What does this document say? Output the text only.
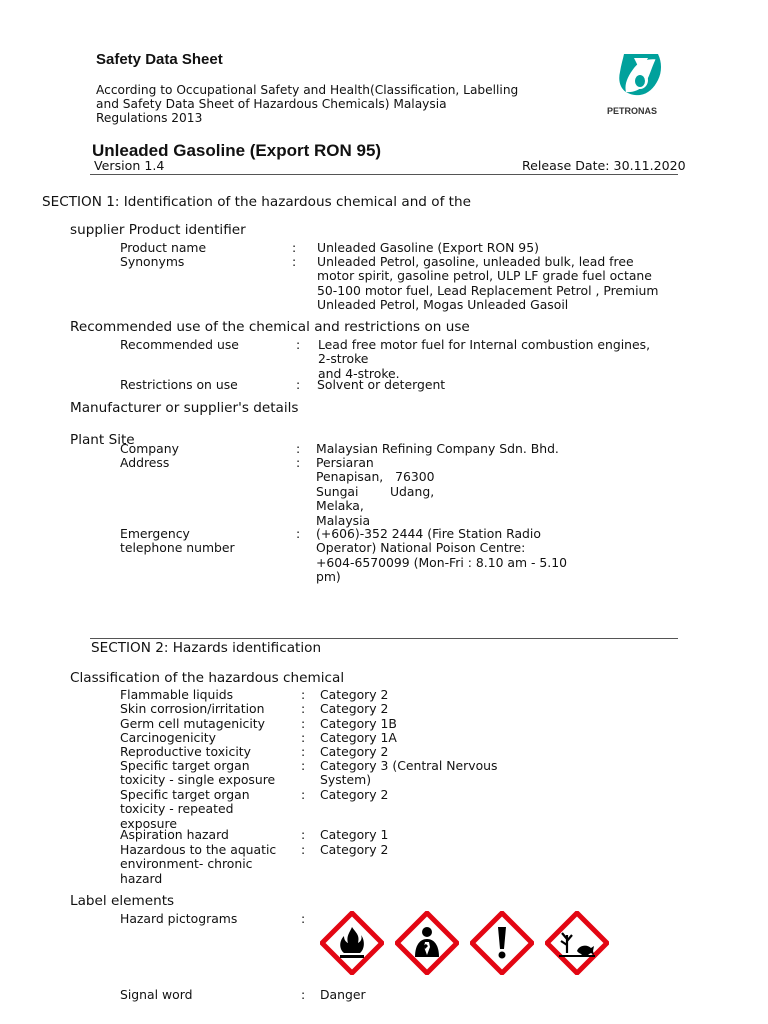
Safety Data Sheet
According to Occupational Safety and Health(Classification, Labelling
and Safety Data Sheet of Hazardous Chemicals) Malaysia
Regulations 2013	PETRONAS
Unleaded Gasoline (Export RON 95)
Version 1.4	Release Date: 30.11.2020
SECTION 1: Identification of the hazardous chemical and of the
supplier Product identifier
Product name	: Unleaded Gasoline (Export RON 95)
Synonyms	: Unleaded Petrol, gasoline, unleaded bulk, lead free
motor spirit, gasoline petrol, ULP LF grade fuel octane
50-100 motor fuel, Lead Replacement Petrol , Premium
Unleaded Petrol, Mogas Unleaded Gasoil
Recommended use of the chemical and restrictions on use
Recommended use	: Lead free motor fuel for Internal combustion engines,
2-stroke
and 4-stroke.
Restrictions on use	: Solvent or detergent
Manufacturer or supplier's details
Plant Site
Company	: Malaysian Refining Company Sdn. Bhd.
Address	: Persiaran
Penapisan,   76300
Sungai        Udang,
Melaka,
Malaysia
Emergency
telephone number
: (+606)-352 2444 (Fire Station Radio
Operator) National Poison Centre:
+604-6570099 (Mon-Fri : 8.10 am - 5.10
pm)
SECTION 2: Hazards identification
Classification of the hazardous chemical
Flammable liquids	: Category 2
Skin corrosion/irritation	: Category 2
Germ cell mutagenicity	: Category 1B
Carcinogenicity	: Category 1A
Reproductive toxicity	: Category 2
Specific target organ
toxicity - single exposure
: Category 3 (Central Nervous
System)
Specific target organ
toxicity - repeated
exposure
: Category 2
Aspiration hazard	: Category 1
Hazardous to the aquatic
environment- chronic
hazard
: Category 2
Label elements
Hazard pictograms	:
Signal word	: Danger
